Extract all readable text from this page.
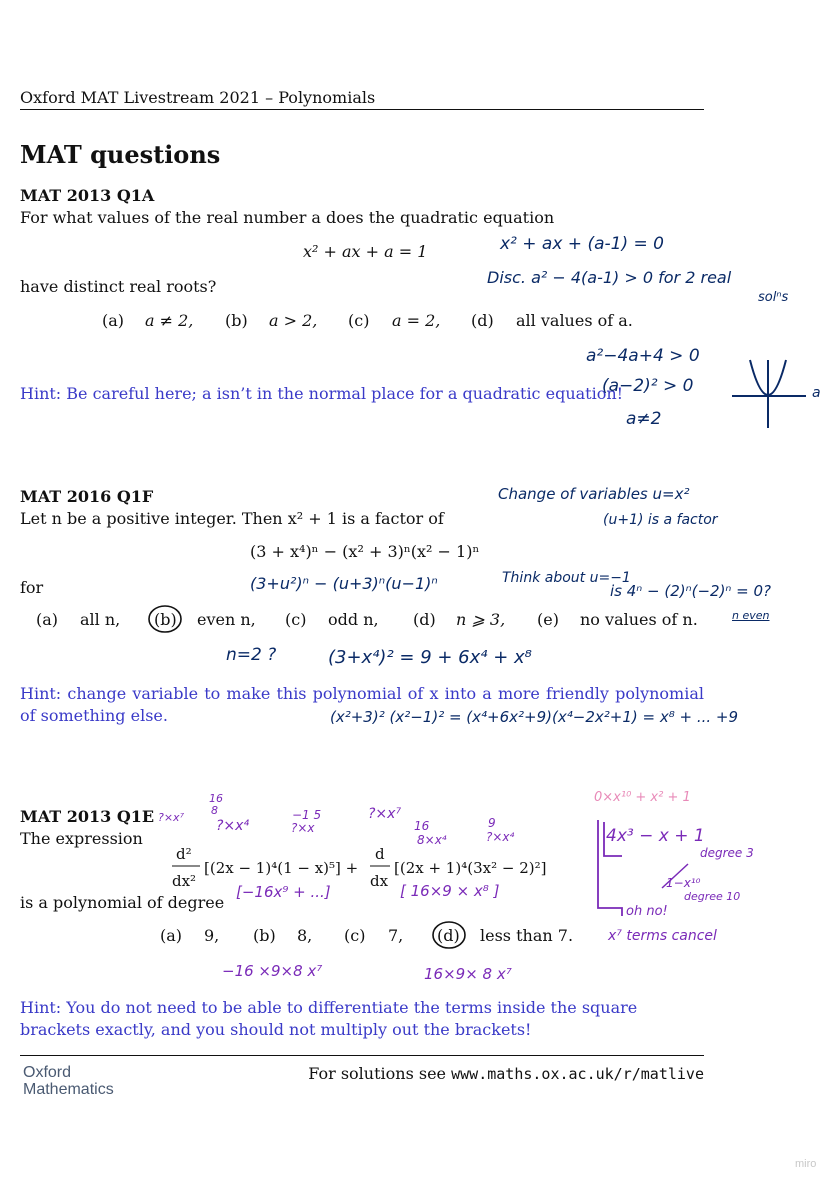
Oxford MAT Livestream 2021 – Polynomials
MAT questions
MAT 2013 Q1A
For what values of the real number a does the quadratic equation
x² + ax + a = 1
have distinct real roots?
(a) a ≠ 2, (b) a > 2, (c) a = 2, (d) all values of a.
Hint: Be careful here; a isn’t in the normal place for a quadratic equation!
x² + ax + (a-1) = 0
Disc. a² − 4(a-1) > 0 for 2 real
solⁿs
a²−4a+4 > 0
(a−2)² > 0
a≠2
a
MAT 2016 Q1F
Let n be a positive integer. Then x² + 1 is a factor of
(3 + x⁴)ⁿ − (x² + 3)ⁿ(x² − 1)ⁿ
for
(a) all n, (b) even n, (c) odd n, (d) n ⩾ 3, (e) no values of n.
Hint: change variable to make this polynomial of x into a more friendly polynomial of something else.
Change of variables u=x²
(u+1) is a factor
(3+u²)ⁿ − (u+3)ⁿ(u−1)ⁿ	Think about u=−1
is 4ⁿ − (2)ⁿ(−2)ⁿ = 0?
n even
n=2 ?	(3+x⁴)² = 9 + 6x⁴ + x⁸
(x²+3)² (x²−1)² = (x⁴+6x²+9)(x⁴−2x²+1) = x⁸ + ... +9
MAT 2013 Q1E
The expression
d²
dx²
[(2x − 1)⁴(1 − x)⁵] +
d
dx
[(2x + 1)⁴(3x² − 2)²]
is a polynomial of degree
(a) 9, (b) 8, (c) 7, (d) less than 7.
Hint: You do not need to be able to differentiate the terms inside the square brackets exactly, and you should not multiply out the brackets!
?×x⁷
16
8
?×x⁴
−1 5
?×x
?×x⁷
16
8×x⁴
9
?×x⁴
[−16x⁹ + ...]	[ 16×9 × x⁸ ]
−16 ×9×8 x⁷	16×9× 8 x⁷
0×x¹⁰ + x² + 1
4x³ − x + 1
degree 3
1−x¹⁰
degree 10
oh no!
x⁷ terms cancel
Oxford
Mathematics
For solutions see www.maths.ox.ac.uk/r/matlive
miro
